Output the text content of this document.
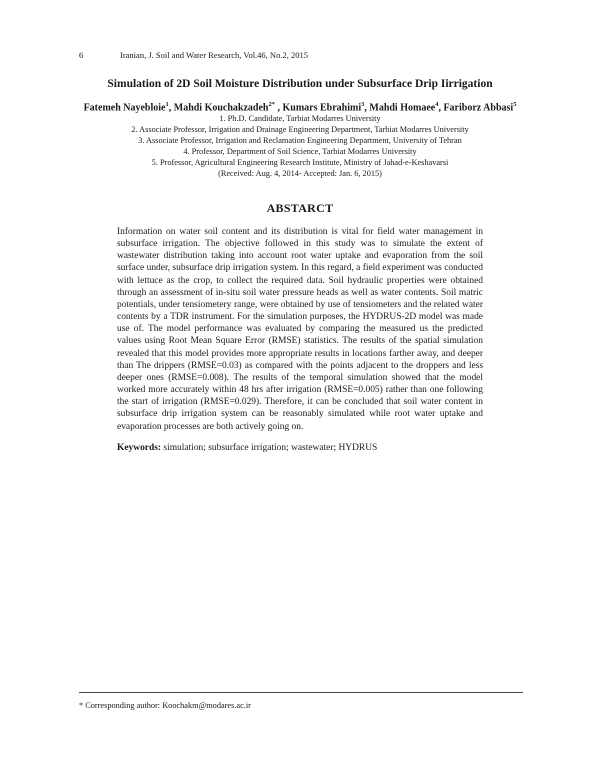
6	Iranian, J. Soil and Water Research, Vol.46, No.2, 2015
Simulation of 2D Soil Moisture Distribution under Subsurface Drip Iirrigation
Fatemeh Nayebloie$^1$, Mahdi Kouchakzadeh$^{2*}$ , Kumars Ebrahimi$^3$, Mahdi Homaee$^4$, Fariborz Abbasi$^5$
1. Ph.D. Candidate, Tarbiat Modarres University
2. Associate Professor, Irrigation and Drainage Engineering Department, Tarbiat Modarres University
3. Associate Professor, Irrigation and Reclamation Engineering Department, University of Tehran
4. Professor, Department of Soil Science, Tarbiat Modarres University
5. Professor, Agricultural Engineering Research Institute, Ministry of Jahad-e-Keshavarsi
(Received: Aug. 4, 2014- Accepted: Jan. 6, 2015)
ABSTARCT
Information on water soil content and its distribution is vital for field water management in subsurface irrigation. The objective followed in this study was to simulate the extent of wastewater distribution taking into account root water uptake and evaporation from the soil surface under, subsurface drip irrigation system. In this regard, a field experiment was conducted with lettuce as the crop, to collect the required data. Soil hydraulic properties were obtained through an assessment of in-situ soil water pressure heads as well as water contents. Soil matric potentials, under tensiometery range, were obtained by use of tensiometers and the related water contents by a TDR instrument. For the simulation purposes, the HYDRUS-2D model was made use of. The model performance was evaluated by comparing the measured us the predicted values using Root Mean Square Error (RMSE) statistics. The results of the spatial simulation revealed that this model provides more appropriate results in locations farther away, and deeper than The drippers (RMSE=0.03) as compared with the points adjacent to the droppers and less deeper ones (RMSE=0.008). The results of the temporal simulation showed that the model worked more accurately within 48 hrs after irrigation (RMSE=0.005) rather than one following the start of irrigation (RMSE=0.029). Therefore, it can be concluded that soil water content in subsurface drip irrigation system can be reasonably simulated while root water uptake and evaporation processes are both actively going on.
Keywords: simulation; subsurface irrigation; wastewater; HYDRUS
* Corresponding author: Koochakm@modares.ac.ir
